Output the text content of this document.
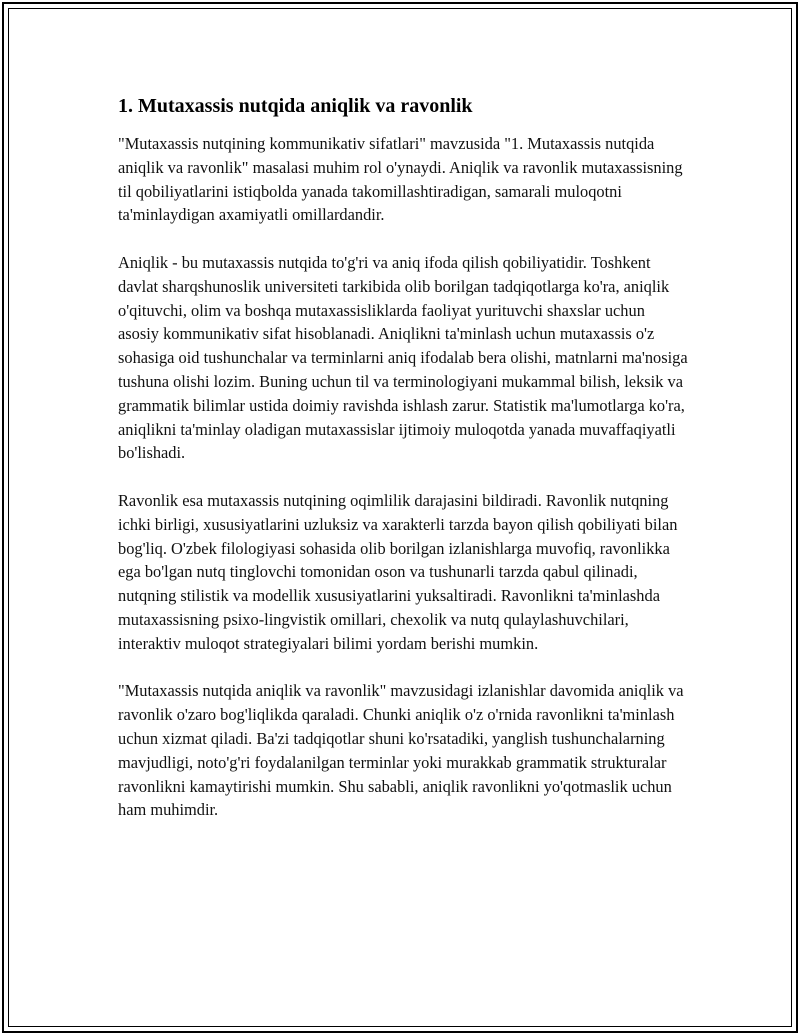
1. Mutaxassis nutqida aniqlik va ravonlik

"Mutaxassis nutqining kommunikativ sifatlari" mavzusida "1. Mutaxassis nutqida aniqlik va ravonlik" masalasi muhim rol o'ynaydi. Aniqlik va ravonlik mutaxassisning til qobiliyatlarini istiqbolda yanada takomillashtiradigan, samarali muloqotni ta'minlaydigan axamiyatli omillardandir.

Aniqlik - bu mutaxassis nutqida to'g'ri va aniq ifoda qilish qobiliyatidir. Toshkent davlat sharqshunoslik universiteti tarkibida olib borilgan tadqiqotlarga ko'ra, aniqlik o'qituvchi, olim va boshqa mutaxassisliklarda faoliyat yurituvchi shaxslar uchun asosiy kommunikativ sifat hisoblanadi. Aniqlikni ta'minlash uchun mutaxassis o'z sohasiga oid tushunchalar va terminlarni aniq ifodalab bera olishi, matnlarni ma'nosiga tushuna olishi lozim. Buning uchun til va terminologiyani mukammal bilish, leksik va grammatik bilimlar ustida doimiy ravishda ishlash zarur. Statistik ma'lumotlarga ko'ra, aniqlikni ta'minlay oladigan mutaxassislar ijtimoiy muloqotda yanada muvaffaqiyatli bo'lishadi.

Ravonlik esa mutaxassis nutqining oqimlilik darajasini bildiradi. Ravonlik nutqning ichki birligi, xususiyatlarini uzluksiz va xarakterli tarzda bayon qilish qobiliyati bilan bog'liq. O'zbek filologiyasi sohasida olib borilgan izlanishlarga muvofiq, ravonlikka ega bo'lgan nutq tinglovchi tomonidan oson va tushunarli tarzda qabul qilinadi, nutqning stilistik va modellik xususiyatlarini yuksaltiradi. Ravonlikni ta'minlashda mutaxassisning psixo-lingvistik omillari, chexolik va nutq qulaylashuvchilari, interaktiv muloqot strategiyalari bilimi yordam berishi mumkin.

"Mutaxassis nutqida aniqlik va ravonlik" mavzusidagi izlanishlar davomida aniqlik va ravonlik o'zaro bog'liqlikda qaraladi. Chunki aniqlik o'z o'rnida ravonlikni ta'minlash uchun xizmat qiladi. Ba'zi tadqiqotlar shuni ko'rsatadiki, yanglish tushunchalarning mavjudligi, noto'g'ri foydalanilgan terminlar yoki murakkab grammatik strukturalar ravonlikni kamaytirishi mumkin. Shu sababli, aniqlik ravonlikni yo'qotmaslik uchun ham muhimdir.
